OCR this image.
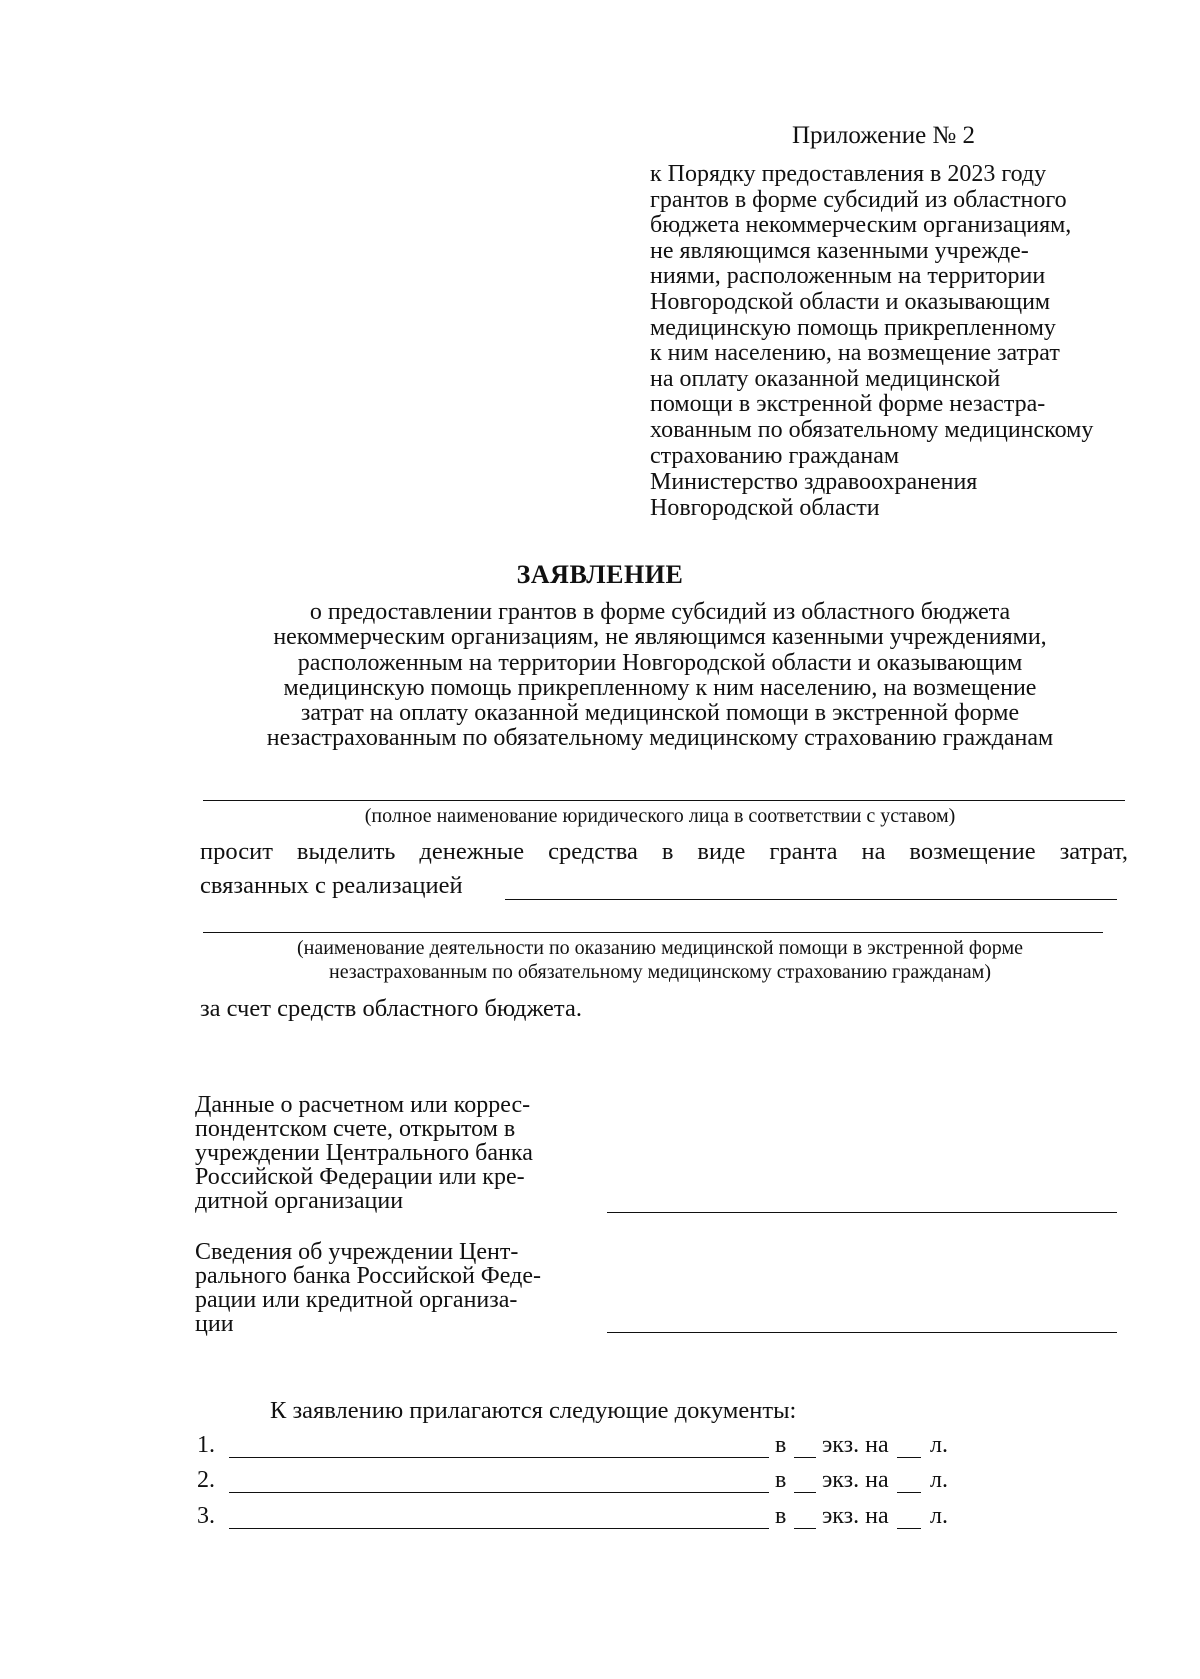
Приложение № 2
к Порядку предоставления в 2023 году
грантов в форме субсидий из областного
бюджета некоммерческим организациям,
не являющимся казенными учрежде-
ниями, расположенным на территории
Новгородской области и оказывающим
медицинскую помощь прикрепленному
к ним населению, на возмещение затрат
на оплату оказанной медицинской
помощи в экстренной форме незастра-
хованным по обязательному медицинскому
страхованию гражданам
Министерство здравоохранения
Новгородской области
ЗАЯВЛЕНИЕ
о предоставлении грантов в форме субсидий из областного бюджета
некоммерческим организациям, не являющимся казенными учреждениями,
расположенным на территории Новгородской области и оказывающим
медицинскую помощь прикрепленному к ним населению, на возмещение
затрат на оплату оказанной медицинской помощи в экстренной форме
незастрахованным по обязательному медицинскому страхованию гражданам
(полное наименование юридического лица в соответствии с уставом)
просит выделить денежные средства в виде гранта на возмещение затрат,
связанных с реализацией
(наименование деятельности по оказанию медицинской помощи в экстренной форме
незастрахованным по обязательному медицинскому страхованию гражданам)
за счет средств областного бюджета.
Данные о расчетном или коррес-
пондентском счете, открытом в
учреждении Центрального банка
Российской Федерации или кре-
дитной организации
Сведения об учреждении Цент-
рального банка Российской Феде-
рации или кредитной организа-
ции
К заявлению прилагаются следующие документы:
1.	в экз. на л.
2.	в экз. на л.
3.	в экз. на л.
